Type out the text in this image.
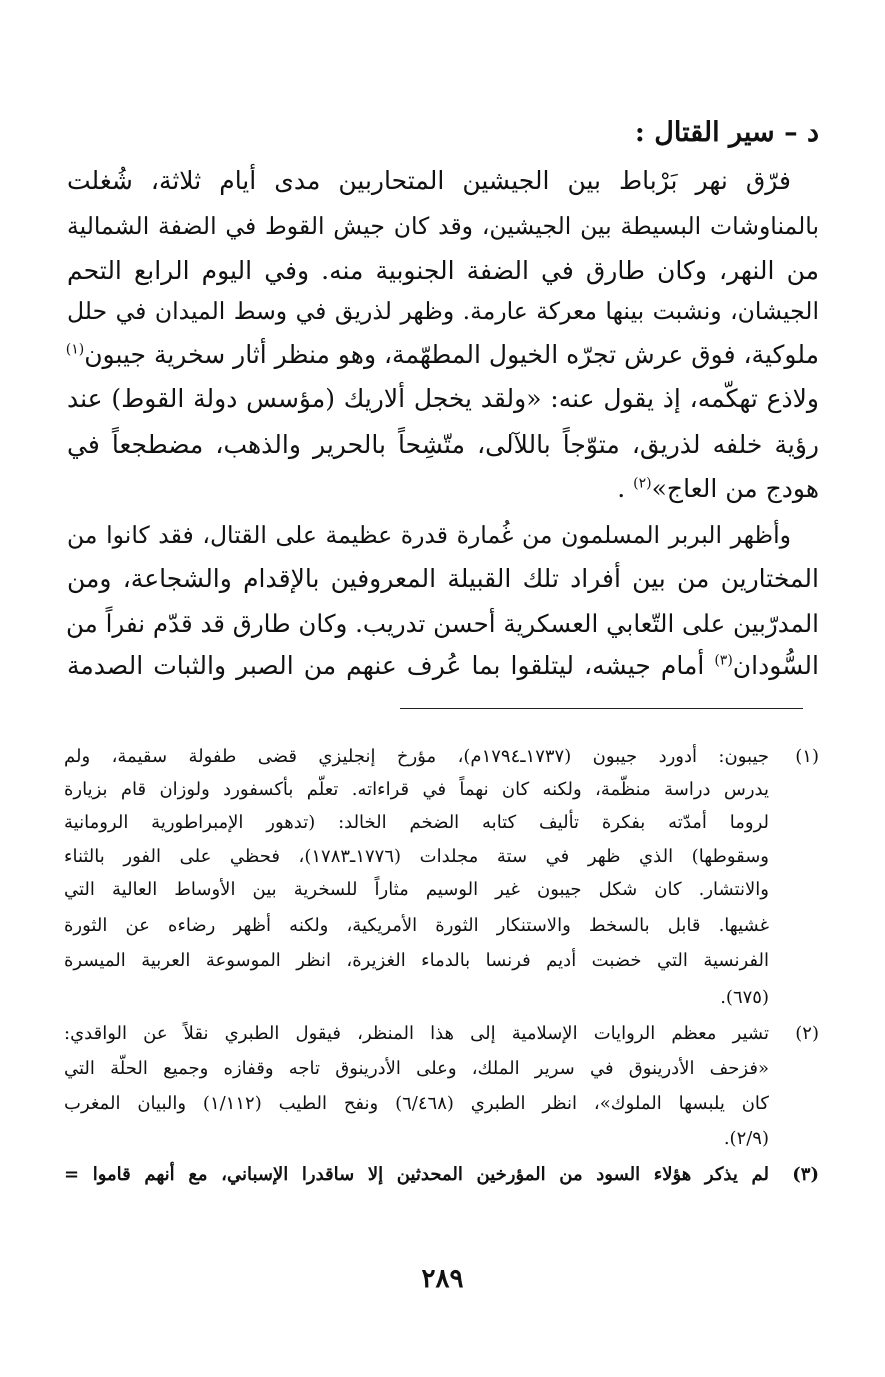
د – سير القتال :
فرّق نهر بَرْباط بين الجيشين المتحاربين مدى أيام ثلاثة، شُغلت
بالمناوشات البسيطة بين الجيشين، وقد كان جيش القوط في الضفة الشمالية
من النهر، وكان طارق في الضفة الجنوبية منه. وفي اليوم الرابع التحم
الجيشان، ونشبت بينها معركة عارمة. وظهر لذريق في وسط الميدان في حلل
ملوكية، فوق عرش تجرّه الخيول المطهّمة، وهو منظر أثار سخرية جيبون$^{(١)}$
ولاذع تهكّمه، إذ يقول عنه: «ولقد يخجل ألاريك (مؤسس دولة القوط) عند
رؤية خلفه لذريق، متوّجاً باللآلى، متّشِحاً بالحرير والذهب، مضطجعاً في
هودج من العاج»$^{(٢)}$ .
وأظهر البربر المسلمون من غُمارة قدرة عظيمة على القتال، فقد كانوا من
المختارين من بين أفراد تلك القبيلة المعروفين بالإقدام والشجاعة، ومن
المدرّبين على التّعابي العسكرية أحسن تدريب. وكان طارق قد قدّم نفراً من
السُّودان$^{(٣)}$ أمام جيشه، ليتلقوا بما عُرف عنهم من الصبر والثبات الصدمة
(١)
جيبون: أدورد جيبون (١٧٣٧ـ١٧٩٤م)، مؤرخ إنجليزي قضى طفولة سقيمة، ولم
يدرس دراسة منظّمة، ولكنه كان نهماً في قراءاته. تعلّم بأكسفورد ولوزان قام بزيارة
لروما أمدّته بفكرة تأليف كتابه الضخم الخالد: (تدهور الإمبراطورية الرومانية
وسقوطها) الذي ظهر في ستة مجلدات (١٧٧٦ـ١٧٨٣)، فحظي على الفور بالثناء
والانتشار. كان شكل جيبون غير الوسيم مثاراً للسخرية بين الأوساط العالية التي
غشيها. قابل بالسخط والاستنكار الثورة الأمريكية، ولكنه أظهر رضاءه عن الثورة
الفرنسية التي خضبت أديم فرنسا بالدماء الغزيرة، انظر الموسوعة العربية الميسرة
(٦٧٥).
(٢)
تشير معظم الروايات الإسلامية إلى هذا المنظر، فيقول الطبري نقلاً عن الواقدي:
«فزحف الأدرينوق في سرير الملك، وعلى الأدرينوق تاجه وقفازه وجميع الحلّة التي
كان يلبسها الملوك»، انظر الطبري (٦/٤٦٨) ونفح الطيب (١/١١٢) والبيان المغرب
(٢/٩).
(٣)
لم يذكر هؤلاء السود من المؤرخين المحدثين إلا ساقدرا الإسباني، مع أنهم قاموا =
٢٨٩
